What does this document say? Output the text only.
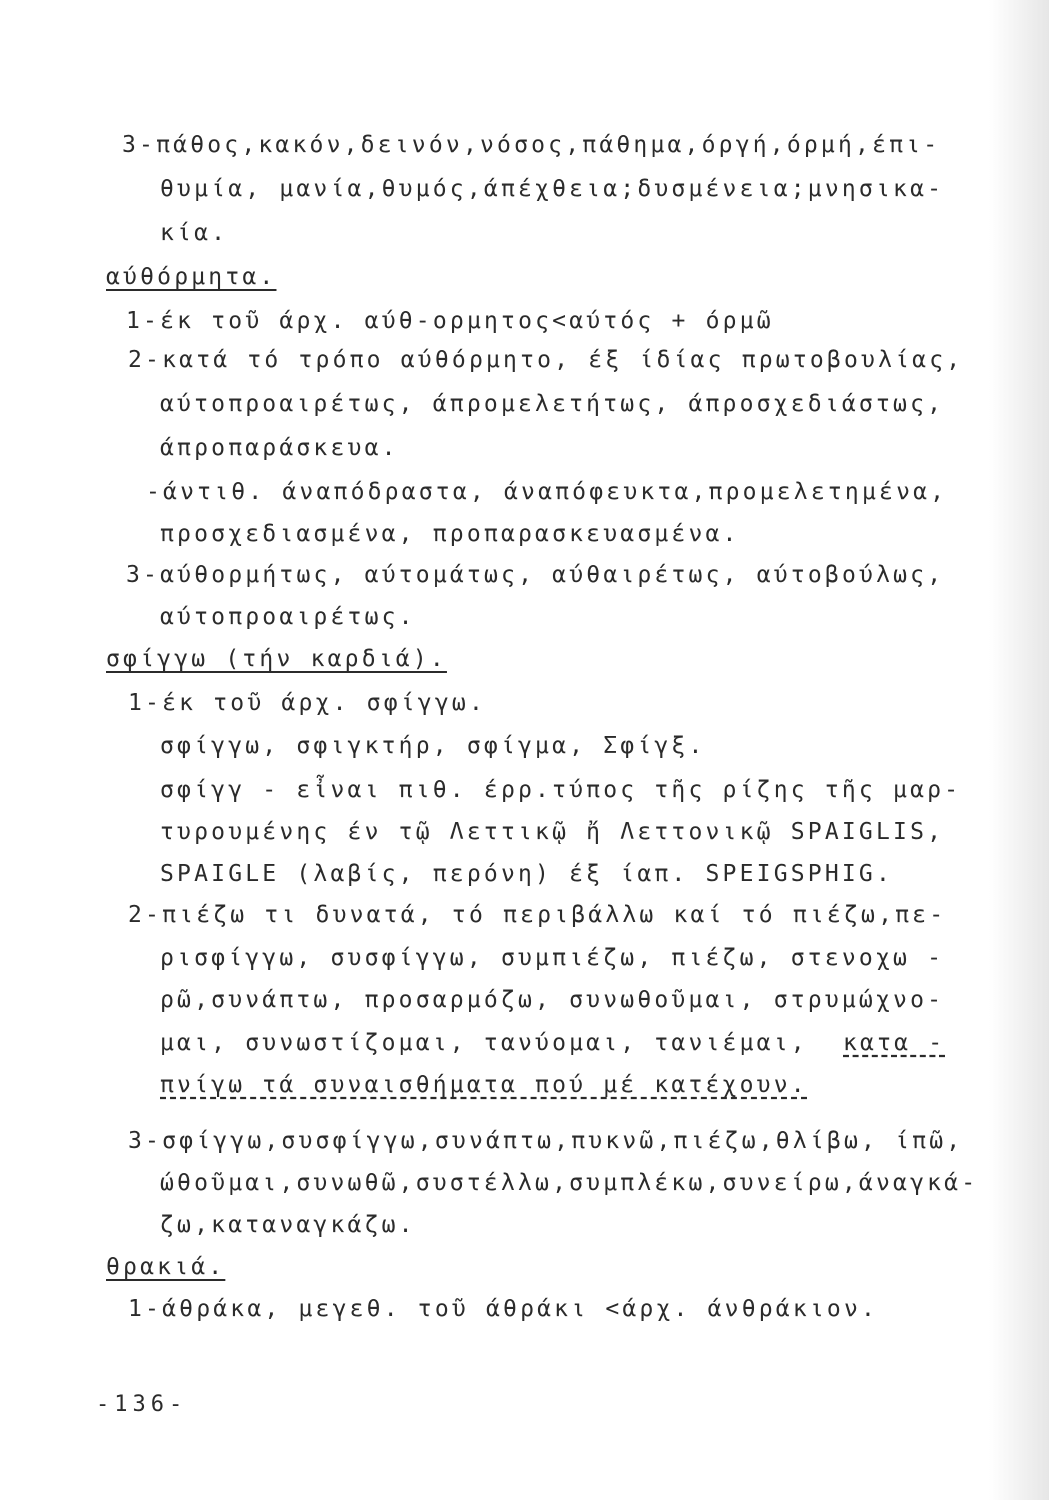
3-πάθος,κακόν,δεινόν,νόσος,πάθημα,όργή,όρμή,έπι-
θυμία, μανία,θυμός,άπέχθεια;δυσμένεια;μνησικα-
κία.
αύθόρμητα.
1-έκ τοῦ άρχ. αύθ-ορμητος<αύτός + όρμῶ
2-κατά τό τρόπο αύθόρμητο, έξ ίδίας πρωτοβουλίας,
αύτοπροαιρέτως, άπρομελετήτως, άπροσχεδιάστως,
άπροπαράσκευα.
-άντιθ. άναπόδραστα, άναπόφευκτα,προμελετημένα,
προσχεδιασμένα, προπαρασκευασμένα.
3-αύθορμήτως, αύτομάτως, αύθαιρέτως, αύτοβούλως,
αύτοπροαιρέτως.
σφίγγω (τήν καρδιά).
1-έκ τοῦ άρχ. σφίγγω.
σφίγγω, σφιγκτήρ, σφίγμα, Σφίγξ.
σφίγγ - εἶναι πιθ. έρρ.τύπος τῆς ρίζης τῆς μαρ-
τυρουμένης έν τῷ Λεττικῷ ἤ Λεττονικῷ SPAIGLIS,
SPAIGLE (λαβίς, περόνη) έξ ίαπ. SPEIGSPHIG.
2-πιέζω τι δυνατά, τό περιβάλλω καί τό πιέζω,πε-
ρισφίγγω, συσφίγγω, συμπιέζω, πιέζω, στενοχω -
ρῶ,συνάπτω, προσαρμόζω, συνωθοῦμαι, στρυμώχνο-
μαι, συνωστίζομαι, τανύομαι, τανιέμαι, κατα -
πνίγω τά συναισθήματα πού μέ κατέχουν.
3-σφίγγω,συσφίγγω,συνάπτω,πυκνῶ,πιέζω,θλίβω, ίπῶ,
ώθοῦμαι,συνωθῶ,συστέλλω,συμπλέκω,συνείρω,άναγκά-
ζω,καταναγκάζω.
θρακιά.
1-άθράκα, μεγεθ. τοῦ άθράκι <άρχ. άνθράκιον.
-136-
